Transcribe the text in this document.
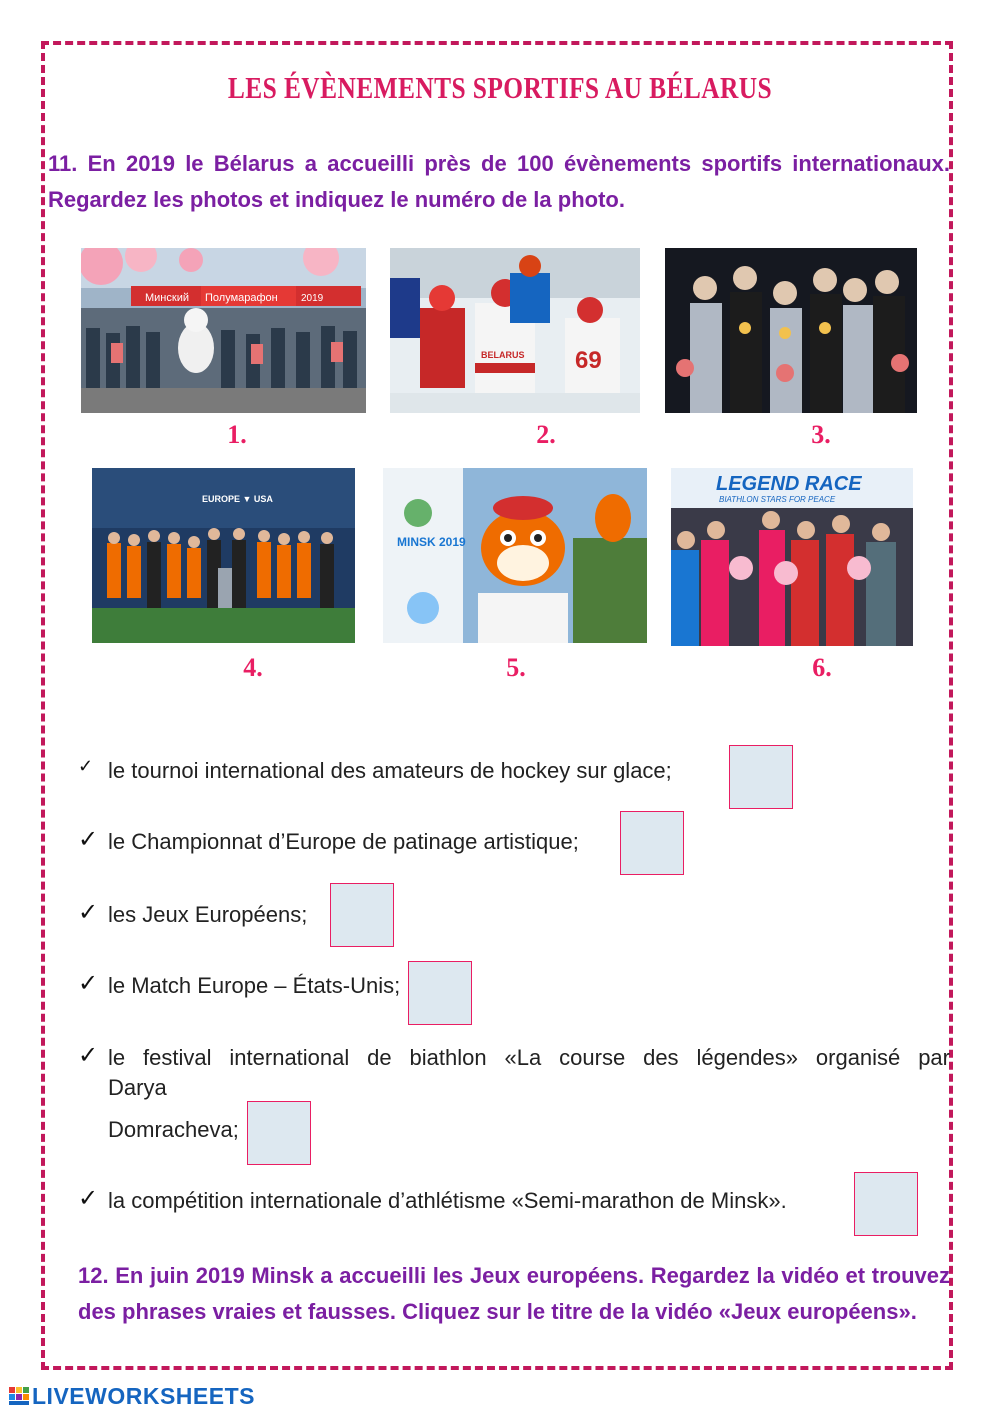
LES ÉVÈNEMENTS SPORTIFS AU BÉLARUS
11. En 2019 le Bélarus a accueilli près de 100 évènements sportifs internationaux. Regardez les photos et indiquez le numéro de la photo.
Минский Полумарафон 2019
1.
BELARUS 69
2.	3.
EUROPE ▼ USA
4.
MINSK 2019
5.
LEGEND RACE
BIATHLON STARS FOR PEACE
6.
✓ le tournoi international des amateurs de hockey sur glace;
✓ le Championnat d’Europe de patinage artistique;
✓ les Jeux Européens;
✓ le Match Europe – États-Unis;
✓ le festival international de biathlon «La course des légendes» organisé par Darya
Domracheva;
✓ la compétition internationale d’athlétisme «Semi-marathon de Minsk».
12. En juin 2019 Minsk a accueilli les Jeux européens. Regardez la vidéo et trouvez des phrases vraies et fausses. Cliquez sur le titre de la vidéo «Jeux européens».
LIVEWORKSHEETS
